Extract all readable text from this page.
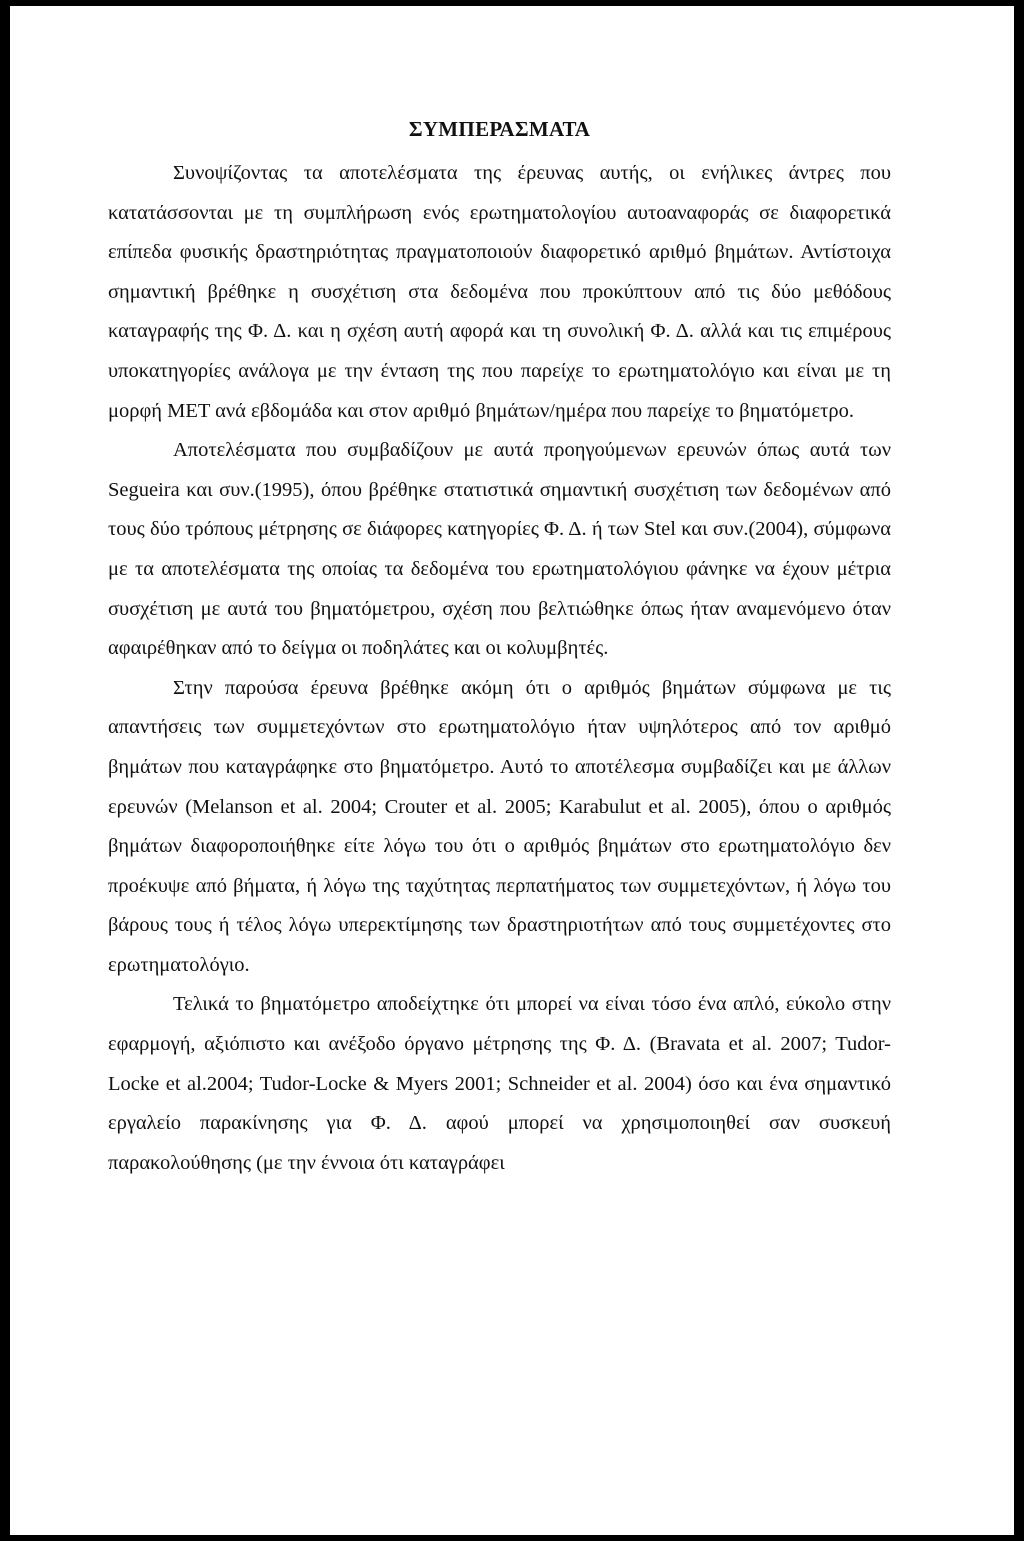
ΣΥΜΠΕΡΑΣΜΑΤΑ

Συνοψίζοντας τα αποτελέσματα της έρευνας αυτής, οι ενήλικες άντρες που κατατάσσονται με τη συμπλήρωση ενός ερωτηματολογίου αυτοαναφοράς σε διαφορετικά επίπεδα φυσικής δραστηριότητας πραγματοποιούν διαφορετικό αριθμό βημάτων. Αντίστοιχα σημαντική βρέθηκε η συσχέτιση στα δεδομένα που προκύπτουν από τις δύο μεθόδους καταγραφής της Φ. Δ. και η σχέση αυτή αφορά και τη συνολική Φ. Δ. αλλά και τις επιμέρους υποκατηγορίες ανάλογα με την ένταση της που παρείχε το ερωτηματολόγιο και είναι με τη μορφή ΜΕΤ ανά εβδομάδα και στον αριθμό βημάτων/ημέρα που παρείχε το βηματόμετρο.

Αποτελέσματα που συμβαδίζουν με αυτά προηγούμενων ερευνών όπως αυτά των Segueira και συν.(1995), όπου βρέθηκε στατιστικά σημαντική συσχέτιση των δεδομένων από τους δύο τρόπους μέτρησης σε διάφορες κατηγορίες Φ. Δ. ή των Stel και συν.(2004), σύμφωνα με τα αποτελέσματα της οποίας τα δεδομένα του ερωτηματολόγιου φάνηκε να έχουν μέτρια συσχέτιση με αυτά του βηματόμετρου, σχέση που βελτιώθηκε όπως ήταν αναμενόμενο όταν αφαιρέθηκαν από το δείγμα οι ποδηλάτες και οι κολυμβητές.

Στην παρούσα έρευνα βρέθηκε ακόμη ότι ο αριθμός βημάτων σύμφωνα με τις απαντήσεις των συμμετεχόντων στο ερωτηματολόγιο ήταν υψηλότερος από τον αριθμό βημάτων που καταγράφηκε στο βηματόμετρο. Αυτό το αποτέλεσμα συμβαδίζει και με άλλων ερευνών (Melanson et al. 2004; Crouter et al. 2005; Karabulut et al. 2005), όπου ο αριθμός βημάτων διαφοροποιήθηκε είτε λόγω του ότι ο αριθμός βημάτων στο ερωτηματολόγιο δεν προέκυψε από βήματα, ή λόγω της ταχύτητας περπατήματος των συμμετεχόντων, ή λόγω του βάρους τους ή τέλος λόγω υπερεκτίμησης των δραστηριοτήτων από τους συμμετέχοντες στο ερωτηματολόγιο.

Τελικά το βηματόμετρο αποδείχτηκε ότι μπορεί να είναι τόσο ένα απλό, εύκολο στην εφαρμογή, αξιόπιστο και ανέξοδο όργανο μέτρησης της Φ. Δ. (Bravata et al. 2007; Tudor-Locke et al.2004; Tudor-Locke & Myers 2001; Schneider et al. 2004) όσο και ένα σημαντικό εργαλείο παρακίνησης για Φ. Δ. αφού μπορεί να χρησιμοποιηθεί σαν συσκευή παρακολούθησης (με την έννοια ότι καταγράφει
